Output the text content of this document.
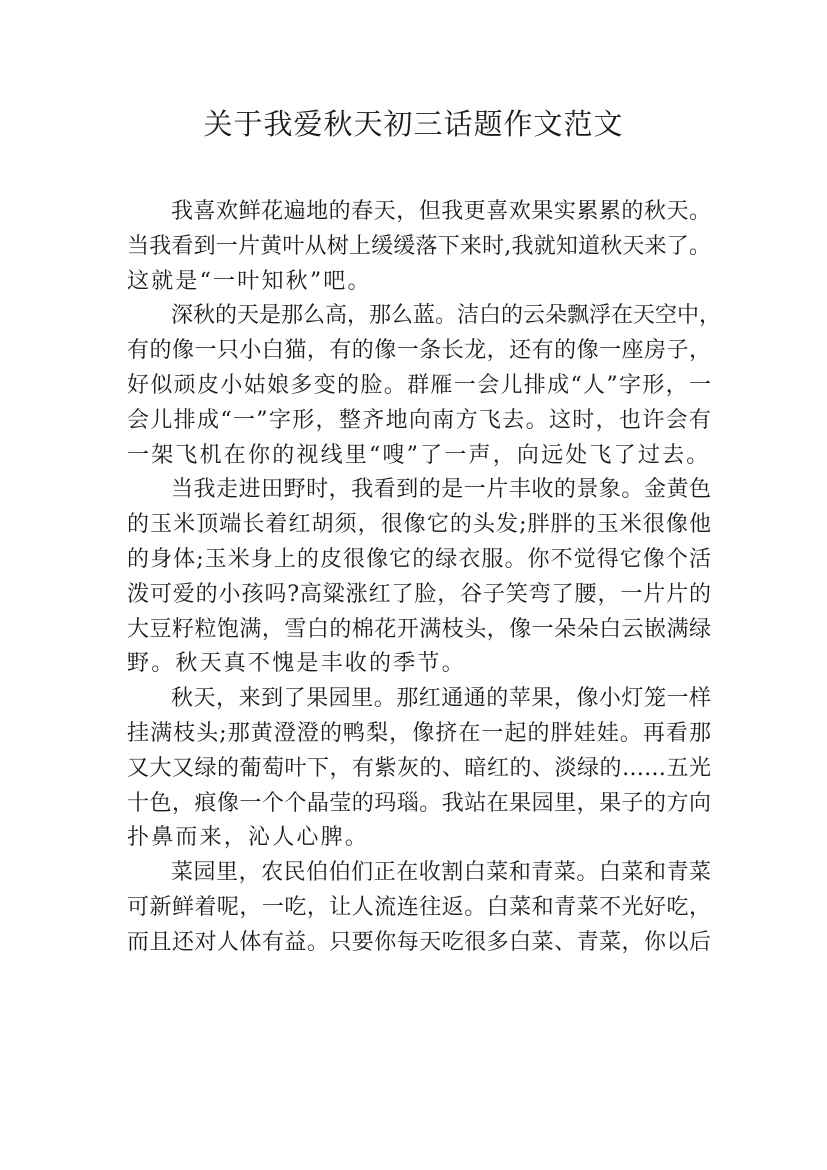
关于我爱秋天初三话题作文范文
我喜欢鲜花遍地的春天，但我更喜欢果实累累的秋天。
当我看到一片黄叶从树上缓缓落下来时,我就知道秋天来了。
这就是“一叶知秋”吧。
深秋的天是那么高，那么蓝。洁白的云朵飘浮在天空中，
有的像一只小白猫，有的像一条长龙，还有的像一座房子，
好似顽皮小姑娘多变的脸。群雁一会儿排成“人”字形，一
会儿排成“一”字形，整齐地向南方飞去。这时，也许会有
一架飞机在你的视线里“嗖”了一声，向远处飞了过去。
当我走进田野时，我看到的是一片丰收的景象。金黄色
的玉米顶端长着红胡须，很像它的头发;胖胖的玉米很像他
的身体;玉米身上的皮很像它的绿衣服。你不觉得它像个活
泼可爱的小孩吗?高粱涨红了脸，谷子笑弯了腰，一片片的
大豆籽粒饱满，雪白的棉花开满枝头，像一朵朵白云嵌满绿
野。秋天真不愧是丰收的季节。
秋天，来到了果园里。那红通通的苹果，像小灯笼一样
挂满枝头;那黄澄澄的鸭梨，像挤在一起的胖娃娃。再看那
又大又绿的葡萄叶下，有紫灰的、暗红的、淡绿的……五光
十色，痕像一个个晶莹的玛瑙。我站在果园里，果子的方向
扑鼻而来，沁人心脾。
菜园里，农民伯伯们正在收割白菜和青菜。白菜和青菜
可新鲜着呢，一吃，让人流连往返。白菜和青菜不光好吃，
而且还对人体有益。只要你每天吃很多白菜、青菜，你以后
